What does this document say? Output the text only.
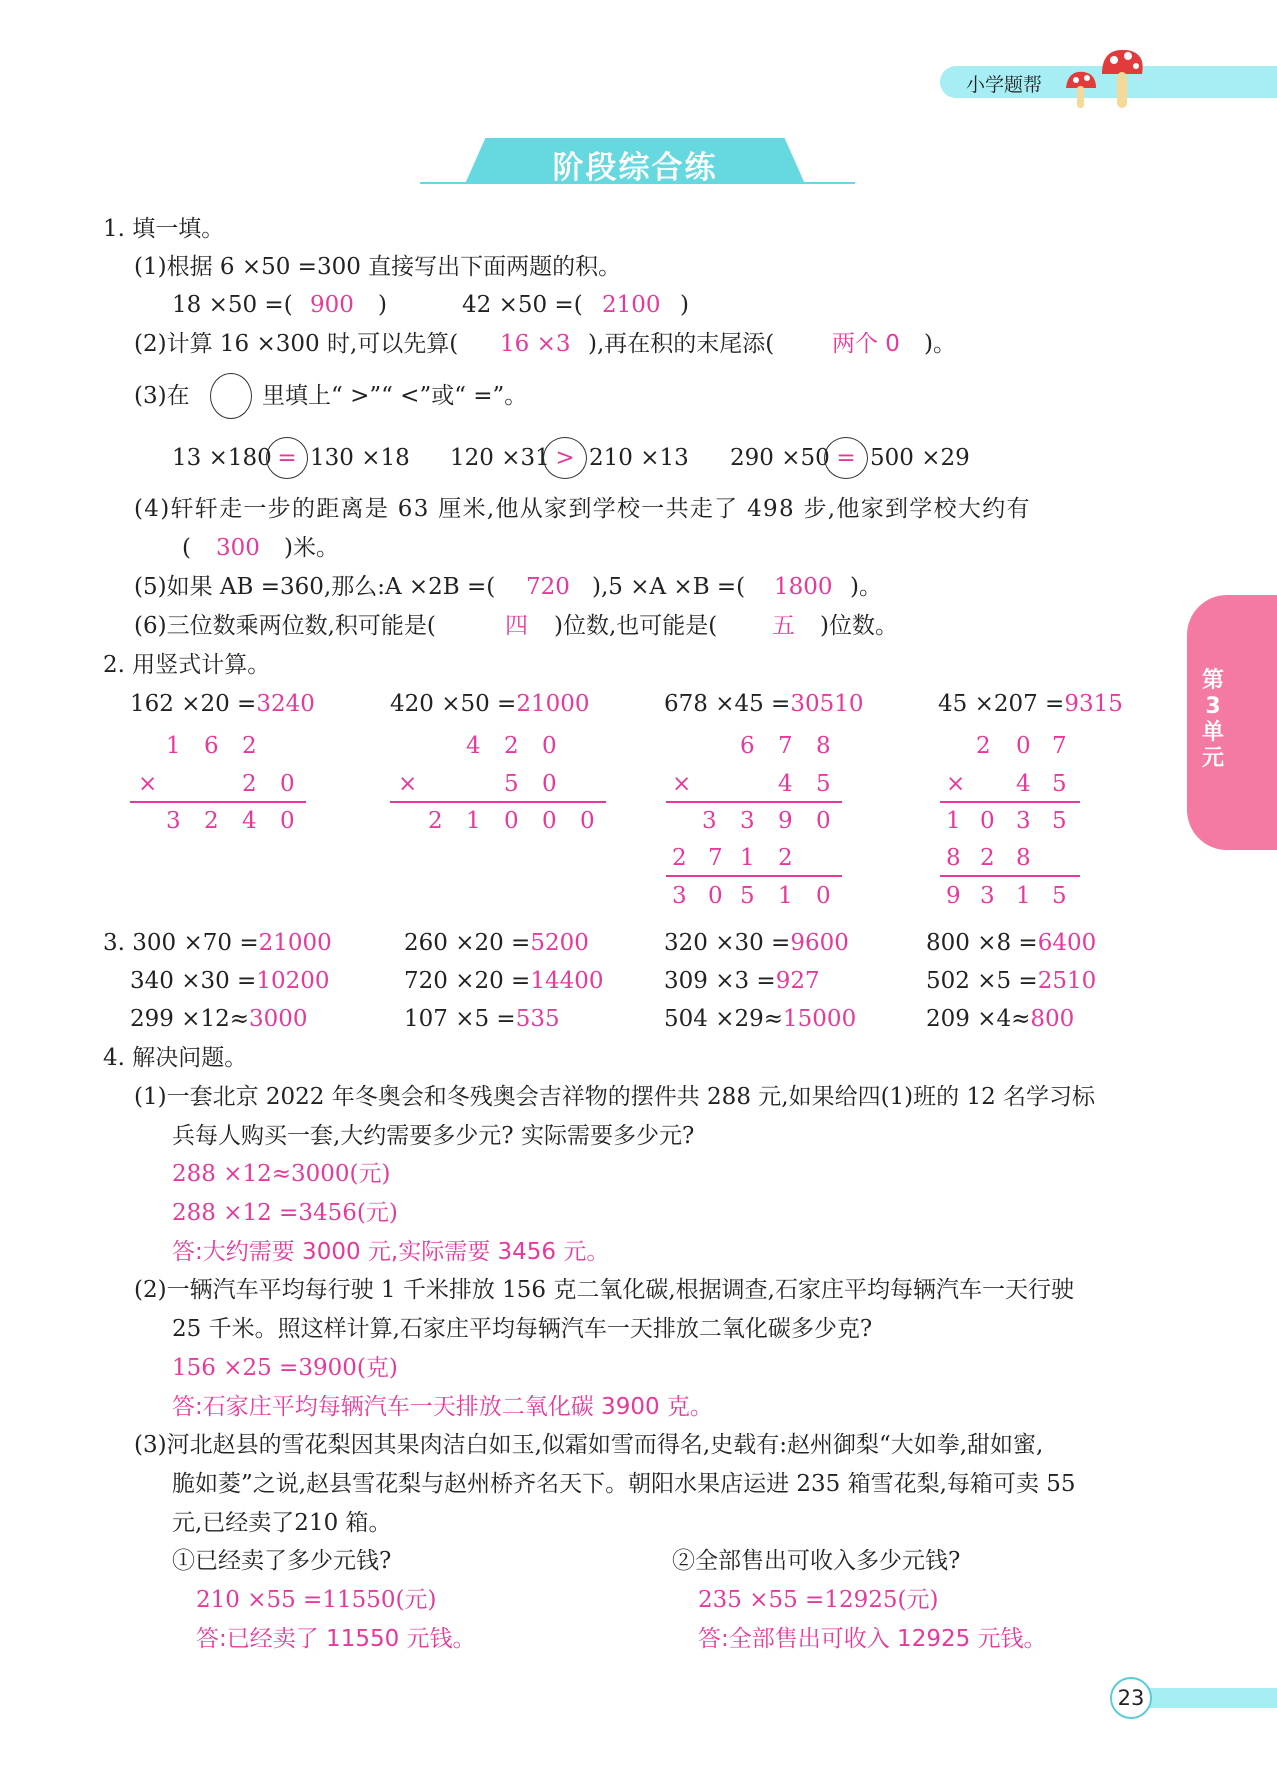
小学题帮
阶段综合练
第3单元
1. 填一填。
(1)根据 6 ×50 =300 直接写出下面两题的积。
18 ×50 =( 900 )	42 ×50 =( 2100 )
(2)计算 16 ×300 时,可以先算( 16 ×3 ),再在积的末尾添(	两个 0 )。
(3)在	里填上“ >”“ <”或“ =”。
13 ×180 = 130 ×18 120 ×31 > 210 ×13 290 ×50 = 500 ×29
(4)轩轩走一步的距离是 63 厘米,他从家到学校一共走了 498 步,他家到学校大约有
( 300 )米。
(5)如果 AB =360,那么:A ×2B =( 720 ),5 ×A ×B =( 1800 )。
(6)三位数乘两位数,积可能是(	四 )位数,也可能是( 五 )位数。
2. 用竖式计算。
162 ×20 =3240	420 ×50 =21000	678 ×45 =30510	45 ×207 =9315
1 6 2
×	2 0
3 2 4 0
4 2 0
×	5 0
2 1 0 0 0
6 7 8
×	4 5
3 3 9 0
2 7 1 2
3 0 5 1 0
2 0 7
× 4 5
1 0 3 5
8 2 8
9 3 1 5
3. 300 ×70 =21000	260 ×20 =5200	320 ×30 =9600	800 ×8 =6400
340 ×30 =10200	720 ×20 =14400	309 ×3 =927	502 ×5 =2510
299 ×12≈3000	107 ×5 =535	504 ×29≈15000	209 ×4≈800
4. 解决问题。
(1)一套北京 2022 年冬奥会和冬残奥会吉祥物的摆件共 288 元,如果给四(1)班的 12 名学习标
兵每人购买一套,大约需要多少元? 实际需要多少元?
288 ×12≈3000(元)
288 ×12 =3456(元)
答:大约需要 3000 元,实际需要 3456 元。
(2)一辆汽车平均每行驶 1 千米排放 156 克二氧化碳,根据调查,石家庄平均每辆汽车一天行驶
25 千米。照这样计算,石家庄平均每辆汽车一天排放二氧化碳多少克?
156 ×25 =3900(克)
答:石家庄平均每辆汽车一天排放二氧化碳 3900 克。
(3)河北赵县的雪花梨因其果肉洁白如玉,似霜如雪而得名,史载有:赵州御梨“大如拳,甜如蜜,
脆如菱”之说,赵县雪花梨与赵州桥齐名天下。朝阳水果店运进 235 箱雪花梨,每箱可卖 55
元,已经卖了210 箱。
①已经卖了多少元钱?
210 ×55 =11550(元)
答:已经卖了 11550 元钱。
②全部售出可收入多少元钱?
235 ×55 =12925(元)
答:全部售出可收入 12925 元钱。
23
